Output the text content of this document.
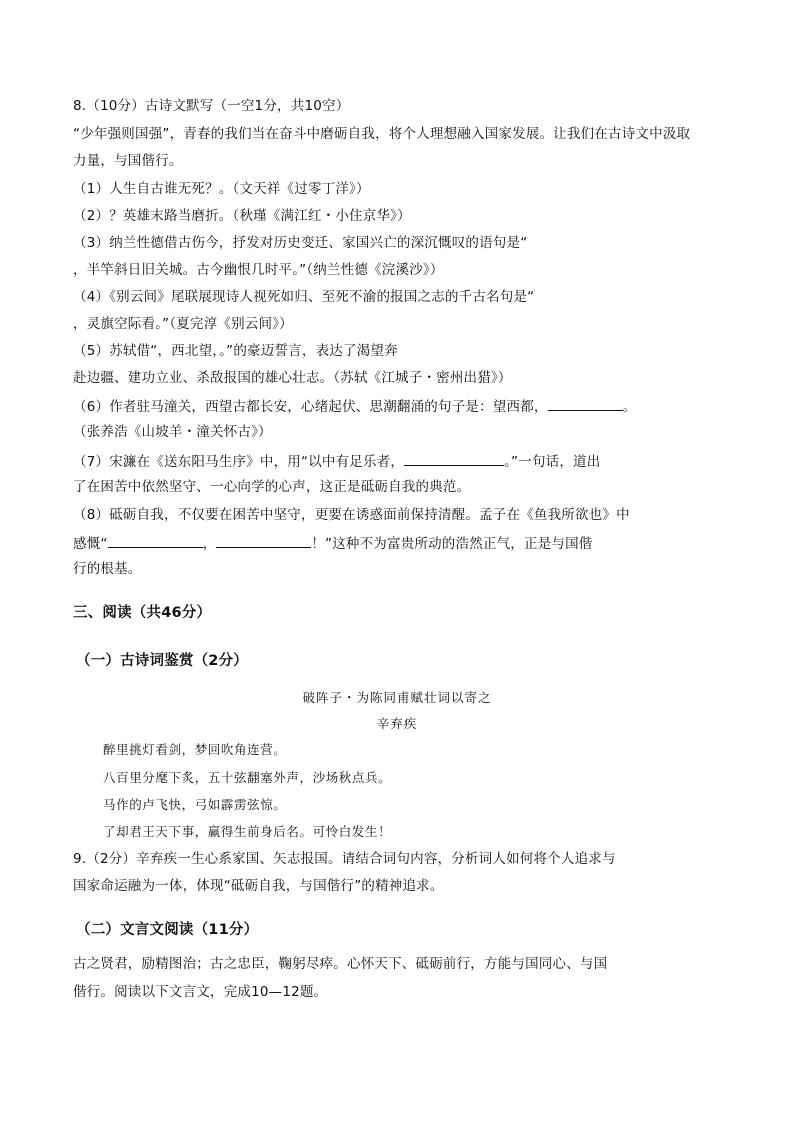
8.（10分）古诗文默写（一空1分，共10空）
“少年强则国强”，青春的我们当在奋斗中磨砺自我，将个人理想融入国家发展。让我们在古诗文中汲取
力量，与国偕行。
（1）人生自古谁无死？。（文天祥《过零丁洋》）
（2）？英雄末路当磨折。（秋瑾《满江红・小住京华》）
（3）纳兰性德借古伤今，抒发对历史变迁、家国兴亡的深沉慨叹的语句是“
，半竿斜日旧关城。古今幽恨几时平。”（纳兰性德《浣溪沙》）
（4）《别云间》尾联展现诗人视死如归、至死不渝的报国之志的千古名句是“
，灵旗空际看。”（夏完淳《别云间》）
（5）苏轼借“，西北望，。”的豪迈誓言，表达了渴望奔
赴边疆、建功立业、杀敌报国的雄心壮志。（苏轼《江城子・密州出猎》）
（6）作者驻马潼关，西望古都长安，心绪起伏、思潮翻涌的句子是：望西都，	。
（张养浩《山坡羊・潼关怀古》）
（7）宋濂在《送东阳马生序》中，用“以中有足乐者，	。”一句话，道出
了在困苦中依然坚守、一心向学的心声，这正是砥砺自我的典范。
（8）砥砺自我，不仅要在困苦中坚守，更要在诱惑面前保持清醒。孟子在《鱼我所欲也》中
感慨“	，	！”这种不为富贵所动的浩然正气，正是与国偕
行的根基。
三、阅读（共46分）
（一）古诗词鉴赏（2分）
破阵子・为陈同甫赋壮词以寄之
辛弃疾
醉里挑灯看剑，梦回吹角连营。
八百里分麾下炙，五十弦翻塞外声，沙场秋点兵。
马作的卢飞快，弓如霹雳弦惊。
了却君王天下事，赢得生前身后名。可怜白发生！
9.（2分）辛弃疾一生心系家国、矢志报国。请结合词句内容，分析词人如何将个人追求与
国家命运融为一体，体现“砥砺自我，与国偕行”的精神追求。
（二）文言文阅读（11分）
古之贤君，励精图治；古之忠臣，鞠躬尽瘁。心怀天下、砥砺前行，方能与国同心、与国
偕行。阅读以下文言文，完成10—12题。
